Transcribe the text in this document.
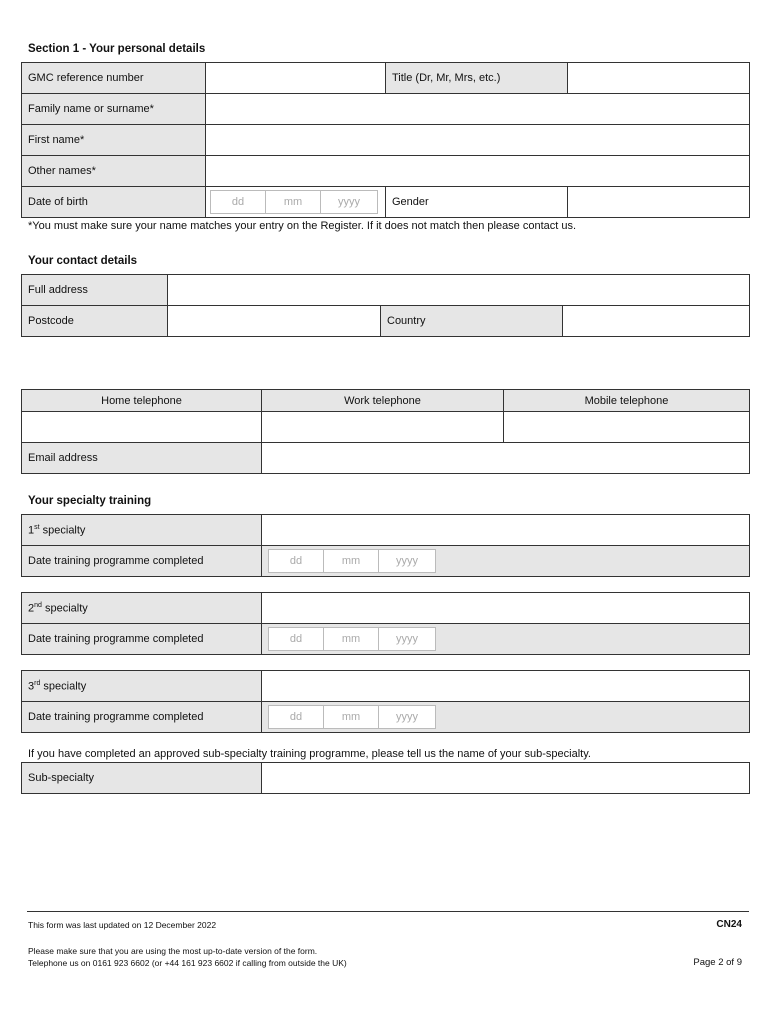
Section 1 - Your personal details
GMC reference number		Title (Dr, Mr, Mrs, etc.)	
Family name or surname*			
First name*			
Other names*			
Date of birth	dd mm yyyy	Gender	
*You must make sure your name matches your entry on the Register. If it does not match then please contact us.
Your contact details
Full address			
Postcode		Country	
Home telephone	Work telephone	Mobile telephone

Email address		
Your specialty training
1st specialty	
Date training programme completed	dd mm yyyy
2nd specialty	
Date training programme completed	dd mm yyyy
3rd specialty	
Date training programme completed	dd mm yyyy
If you have completed an approved sub-specialty training programme, please tell us the name of your sub-specialty.
Sub-specialty	
This form was last updated on 12 December 2022	CN24
Please make sure that you are using the most up-to-date version of the form.
Telephone us on 0161 923 6602 (or +44 161 923 6602 if calling from outside the UK)	Page 2 of 9
